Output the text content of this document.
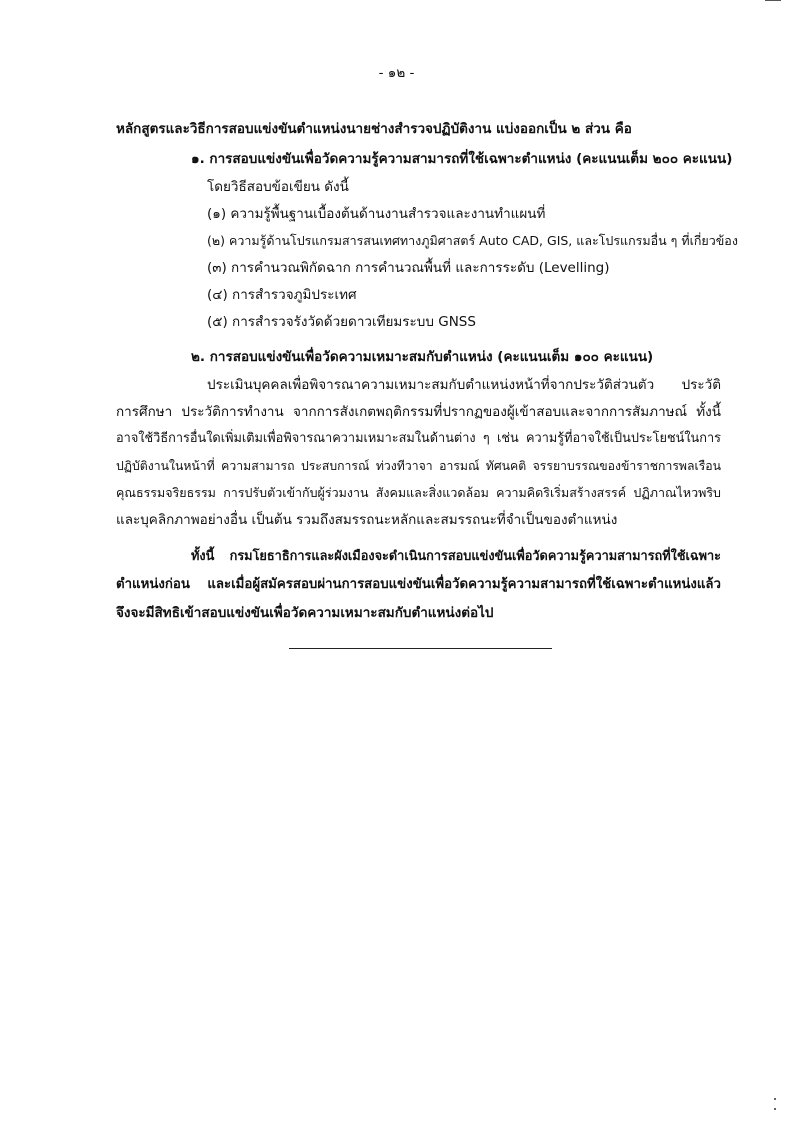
- ๑๒ -
หลักสูตรและวิธีการสอบแข่งขันตำแหน่งนายช่างสำรวจปฏิบัติงาน แบ่งออกเป็น ๒ ส่วน คือ
๑. การสอบแข่งขันเพื่อวัดความรู้ความสามารถที่ใช้เฉพาะตำแหน่ง (คะแนนเต็ม ๒๐๐ คะแนน)
โดยวิธีสอบข้อเขียน ดังนี้
(๑) ความรู้พื้นฐานเบื้องต้นด้านงานสำรวจและงานทำแผนที่
(๒) ความรู้ด้านโปรแกรมสารสนเทศทางภูมิศาสตร์ Auto CAD, GIS, และโปรแกรมอื่น ๆ ที่เกี่ยวข้อง
(๓) การคำนวณพิกัดฉาก การคำนวณพื้นที่ และการระดับ (Levelling)
(๔) การสำรวจภูมิประเทศ
(๕) การสำรวจรังวัดด้วยดาวเทียมระบบ GNSS
๒. การสอบแข่งขันเพื่อวัดความเหมาะสมกับตำแหน่ง (คะแนนเต็ม ๑๐๐ คะแนน)
ประเมินบุคคลเพื่อพิจารณาความเหมาะสมกับตำแหน่งหน้าที่จากประวัติส่วนตัว ประวัติ
การศึกษา ประวัติการทำงาน จากการสังเกตพฤติกรรมที่ปรากฏของผู้เข้าสอบและจากการสัมภาษณ์ ทั้งนี้
อาจใช้วิธีการอื่นใดเพิ่มเติมเพื่อพิจารณาความเหมาะสมในด้านต่าง ๆ เช่น ความรู้ที่อาจใช้เป็นประโยชน์ในการ
ปฏิบัติงานในหน้าที่ ความสามารถ ประสบการณ์ ท่วงทีวาจา อารมณ์ ทัศนคติ จรรยาบรรณของข้าราชการพลเรือน
คุณธรรมจริยธรรม การปรับตัวเข้ากับผู้ร่วมงาน สังคมและสิ่งแวดล้อม ความคิดริเริ่มสร้างสรรค์ ปฏิภาณไหวพริบ
และบุคลิกภาพอย่างอื่น เป็นต้น รวมถึงสมรรถนะหลักและสมรรถนะที่จำเป็นของตำแหน่ง
ทั้งนี้ กรมโยธาธิการและผังเมืองจะดำเนินการสอบแข่งขันเพื่อวัดความรู้ความสามารถที่ใช้เฉพาะ
ตำแหน่งก่อน และเมื่อผู้สมัครสอบผ่านการสอบแข่งขันเพื่อวัดความรู้ความสามารถที่ใช้เฉพาะตำแหน่งแล้ว
จึงจะมีสิทธิเข้าสอบแข่งขันเพื่อวัดความเหมาะสมกับตำแหน่งต่อไป
